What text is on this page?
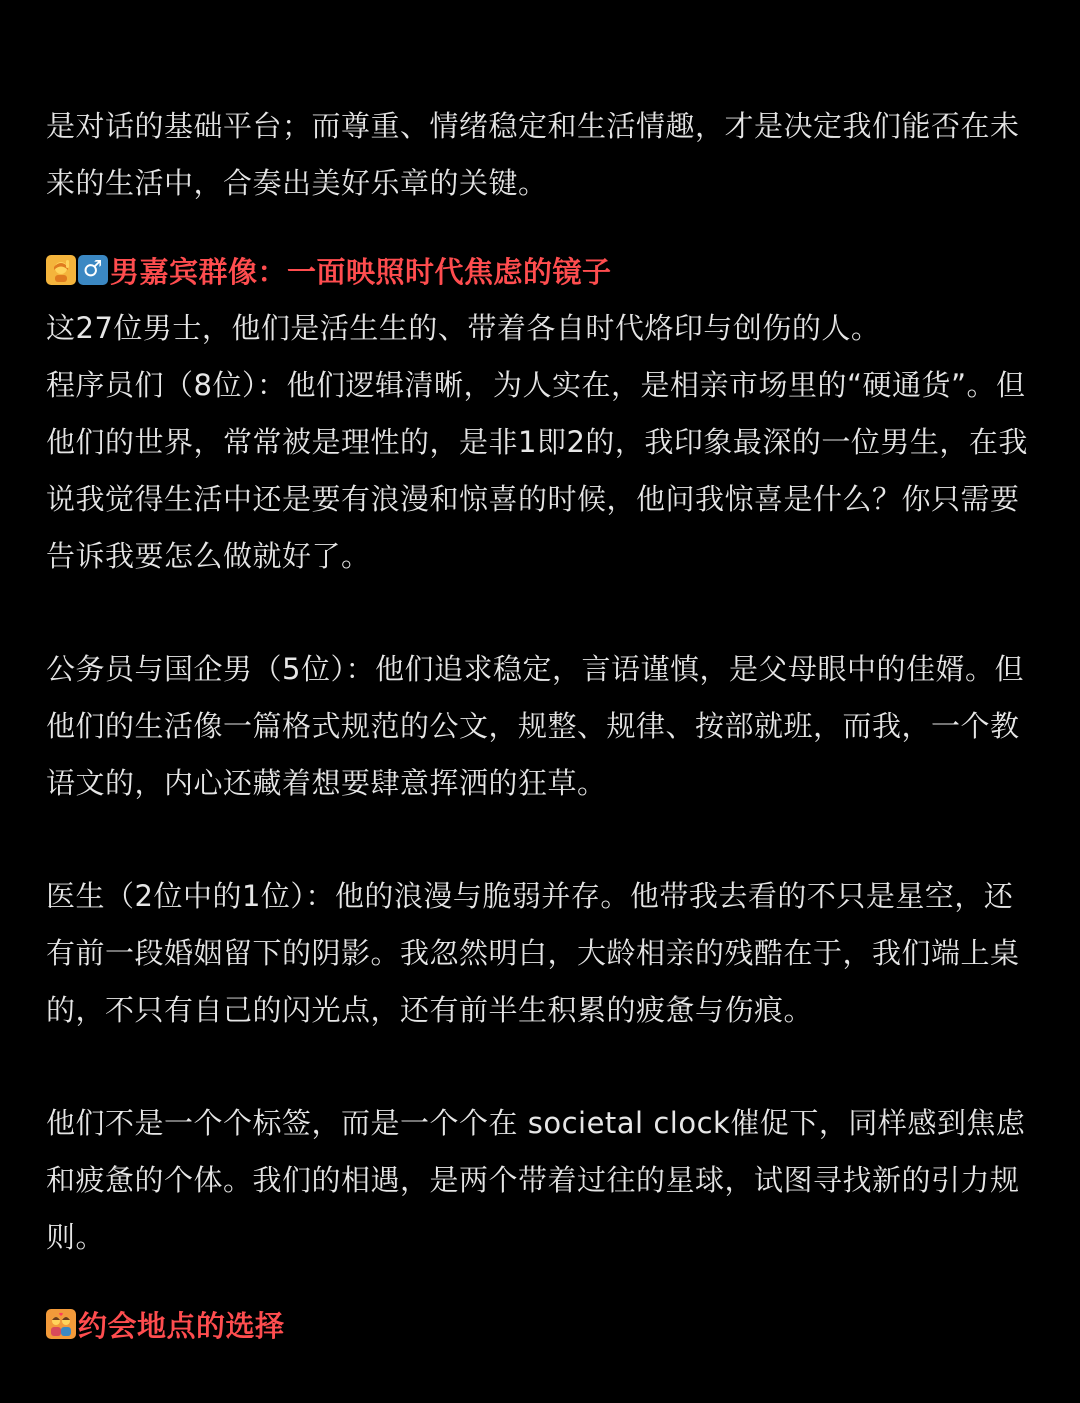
是对话的基础平台；而尊重、情绪稳定和生活情趣，才是决定我们能否在未来的生活中，合奏出美好乐章的关键。

♂ 男嘉宾群像：一面映照时代焦虑的镜子

这27位男士，他们是活生生的、带着各自时代烙印与创伤的人。

程序员们（8位）：他们逻辑清晰，为人实在，是相亲市场里的“硬通货”。但他们的世界，常常被是理性的，是非1即2的，我印象最深的一位男生，在我说我觉得生活中还是要有浪漫和惊喜的时候，他问我惊喜是什么？你只需要告诉我要怎么做就好了。

公务员与国企男（5位）：他们追求稳定，言语谨慎，是父母眼中的佳婿。但他们的生活像一篇格式规范的公文，规整、规律、按部就班，而我，一个教语文的，内心还藏着想要肆意挥洒的狂草。

医生（2位中的1位）：他的浪漫与脆弱并存。他带我去看的不只是星空，还有前一段婚姻留下的阴影。我忽然明白，大龄相亲的残酷在于，我们端上桌的，不只有自己的闪光点，还有前半生积累的疲惫与伤痕。

他们不是一个个标签，而是一个个在 societal clock催促下，同样感到焦虑和疲惫的个体。我们的相遇，是两个带着过往的星球，试图寻找新的引力规则。

约会地点的选择
